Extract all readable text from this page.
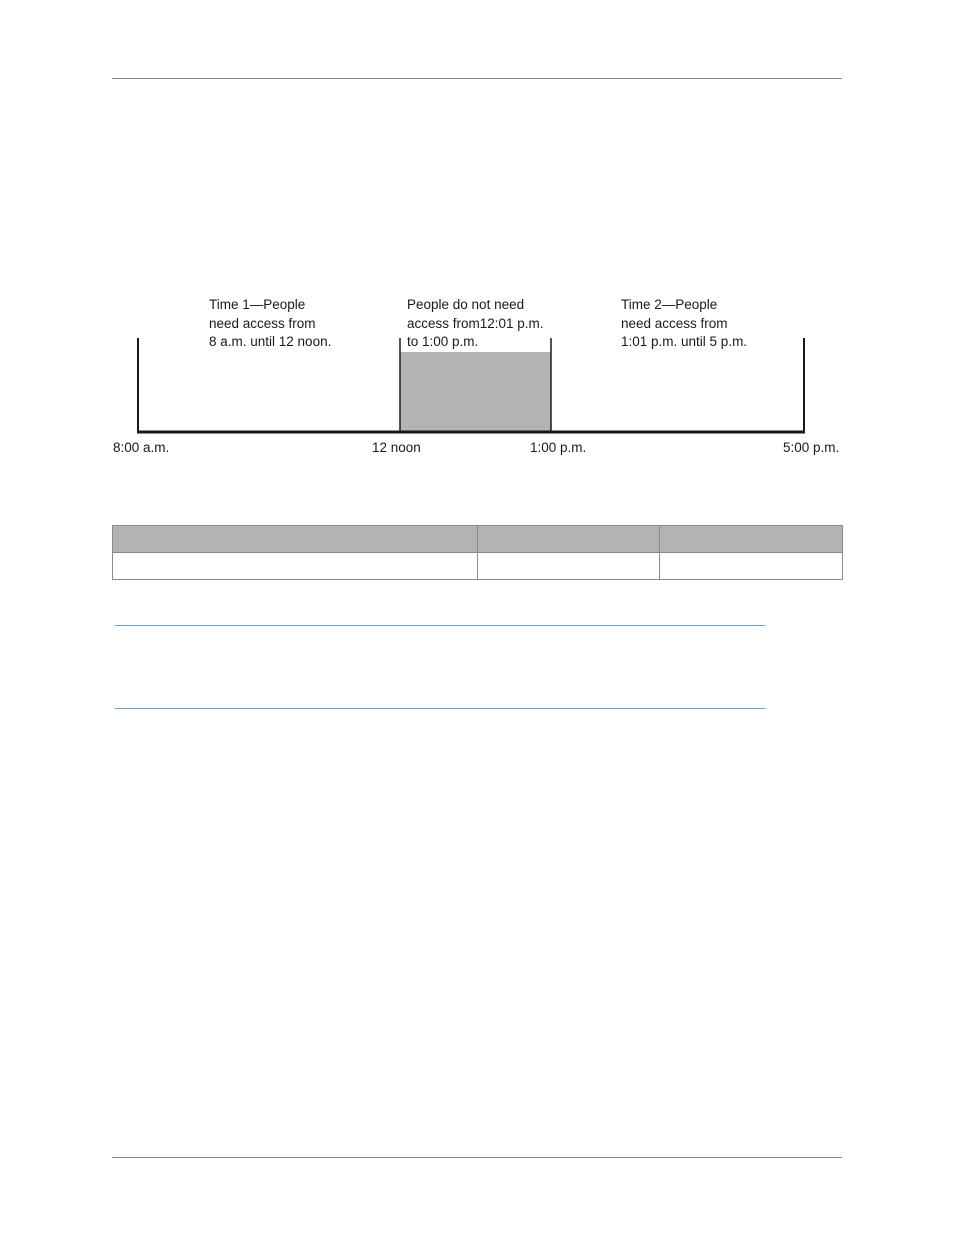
Time 1—People
need access from
8 a.m. until 12 noon.
People do not need
access from12:01 p.m.
to 1:00 p.m.
Time 2—People
need access from
1:01 p.m. until 5 p.m.
8:00 a.m.	12 noon	1:00 p.m.	5:00 p.m.
